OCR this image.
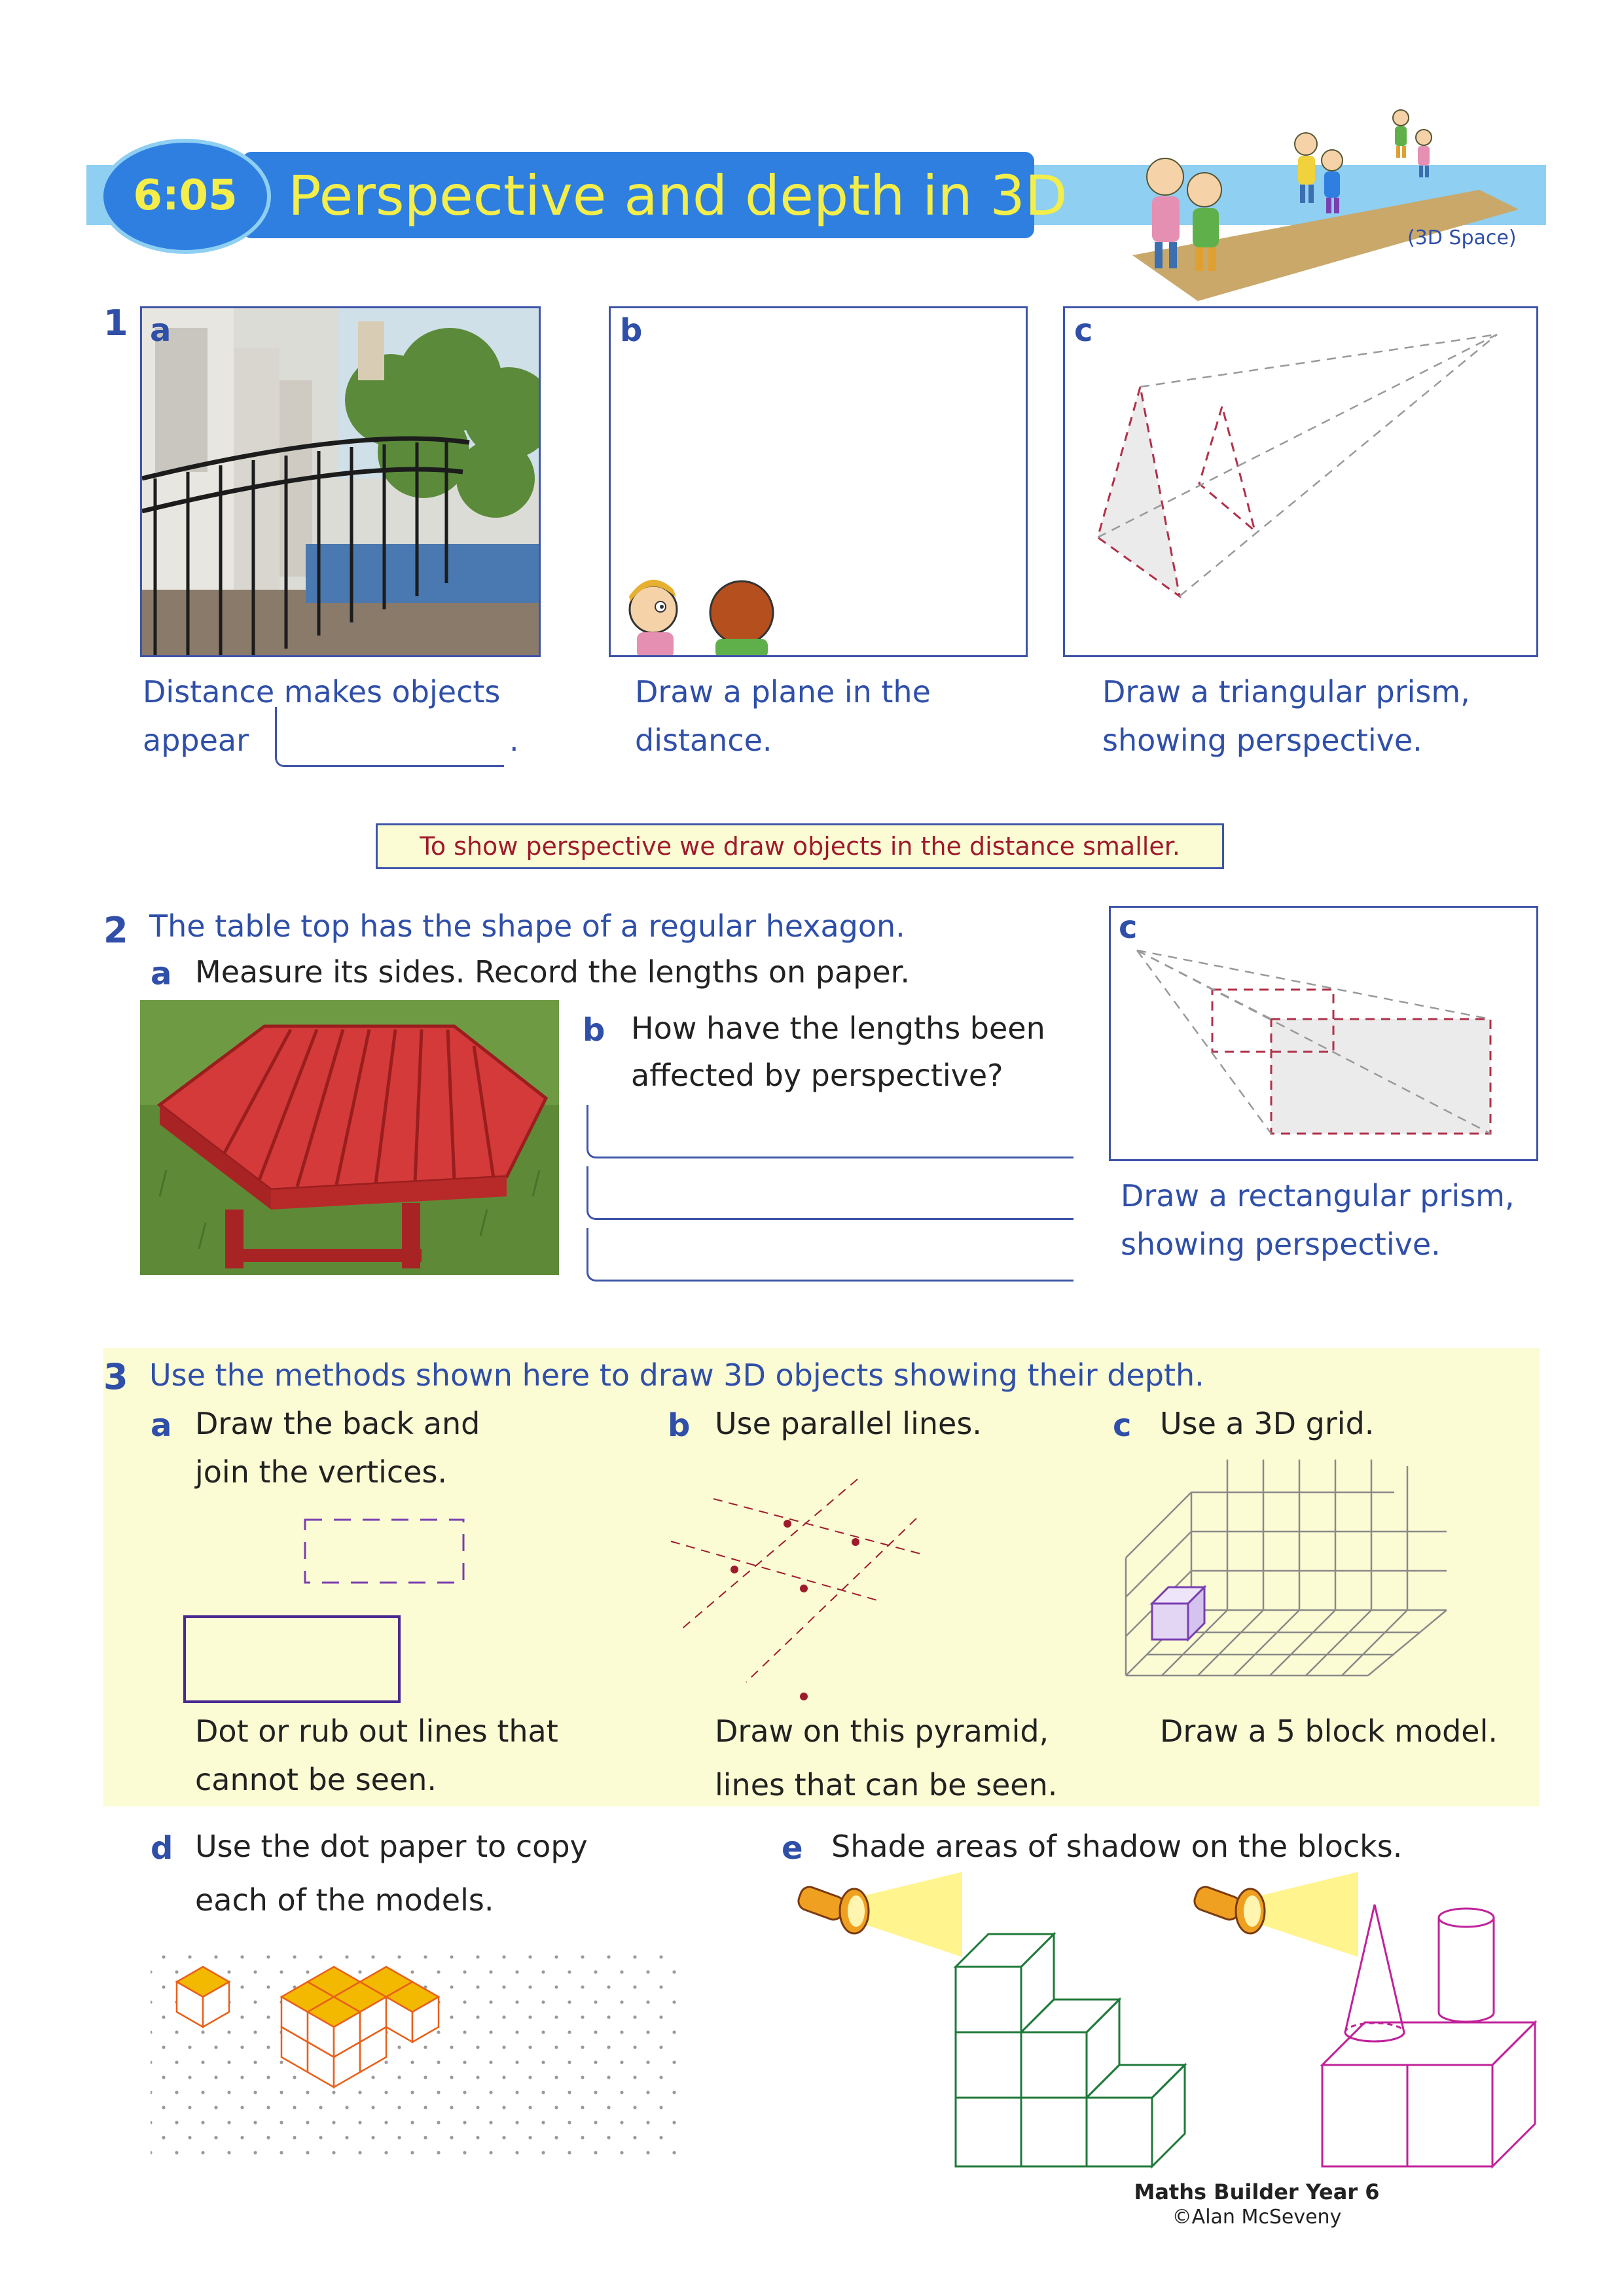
6:05 Perspective and depth in 3D
(3D Space)
1 a	b	c
Distance makes objects
appear	.
Draw a plane in the
distance.
Draw a triangular prism,
showing perspective.
To show perspective we draw objects in the distance smaller.
2 The table top has the shape of a regular hexagon.
a Measure its sides. Record the lengths on paper.
b How have the lengths been
affected by perspective?
c
Draw a rectangular prism,
showing perspective.
3 Use the methods shown here to draw 3D objects showing their depth.
a Draw the back and
join the vertices.
Dot or rub out lines that
cannot be seen.
b Use parallel lines.
Draw on this pyramid,
lines that can be seen.
c Use a 3D grid.
Draw a 5 block model.
d Use the dot paper to copy
each of the models.
e Shade areas of shadow on the blocks.
Maths Builder Year 6
©Alan McSeveny
